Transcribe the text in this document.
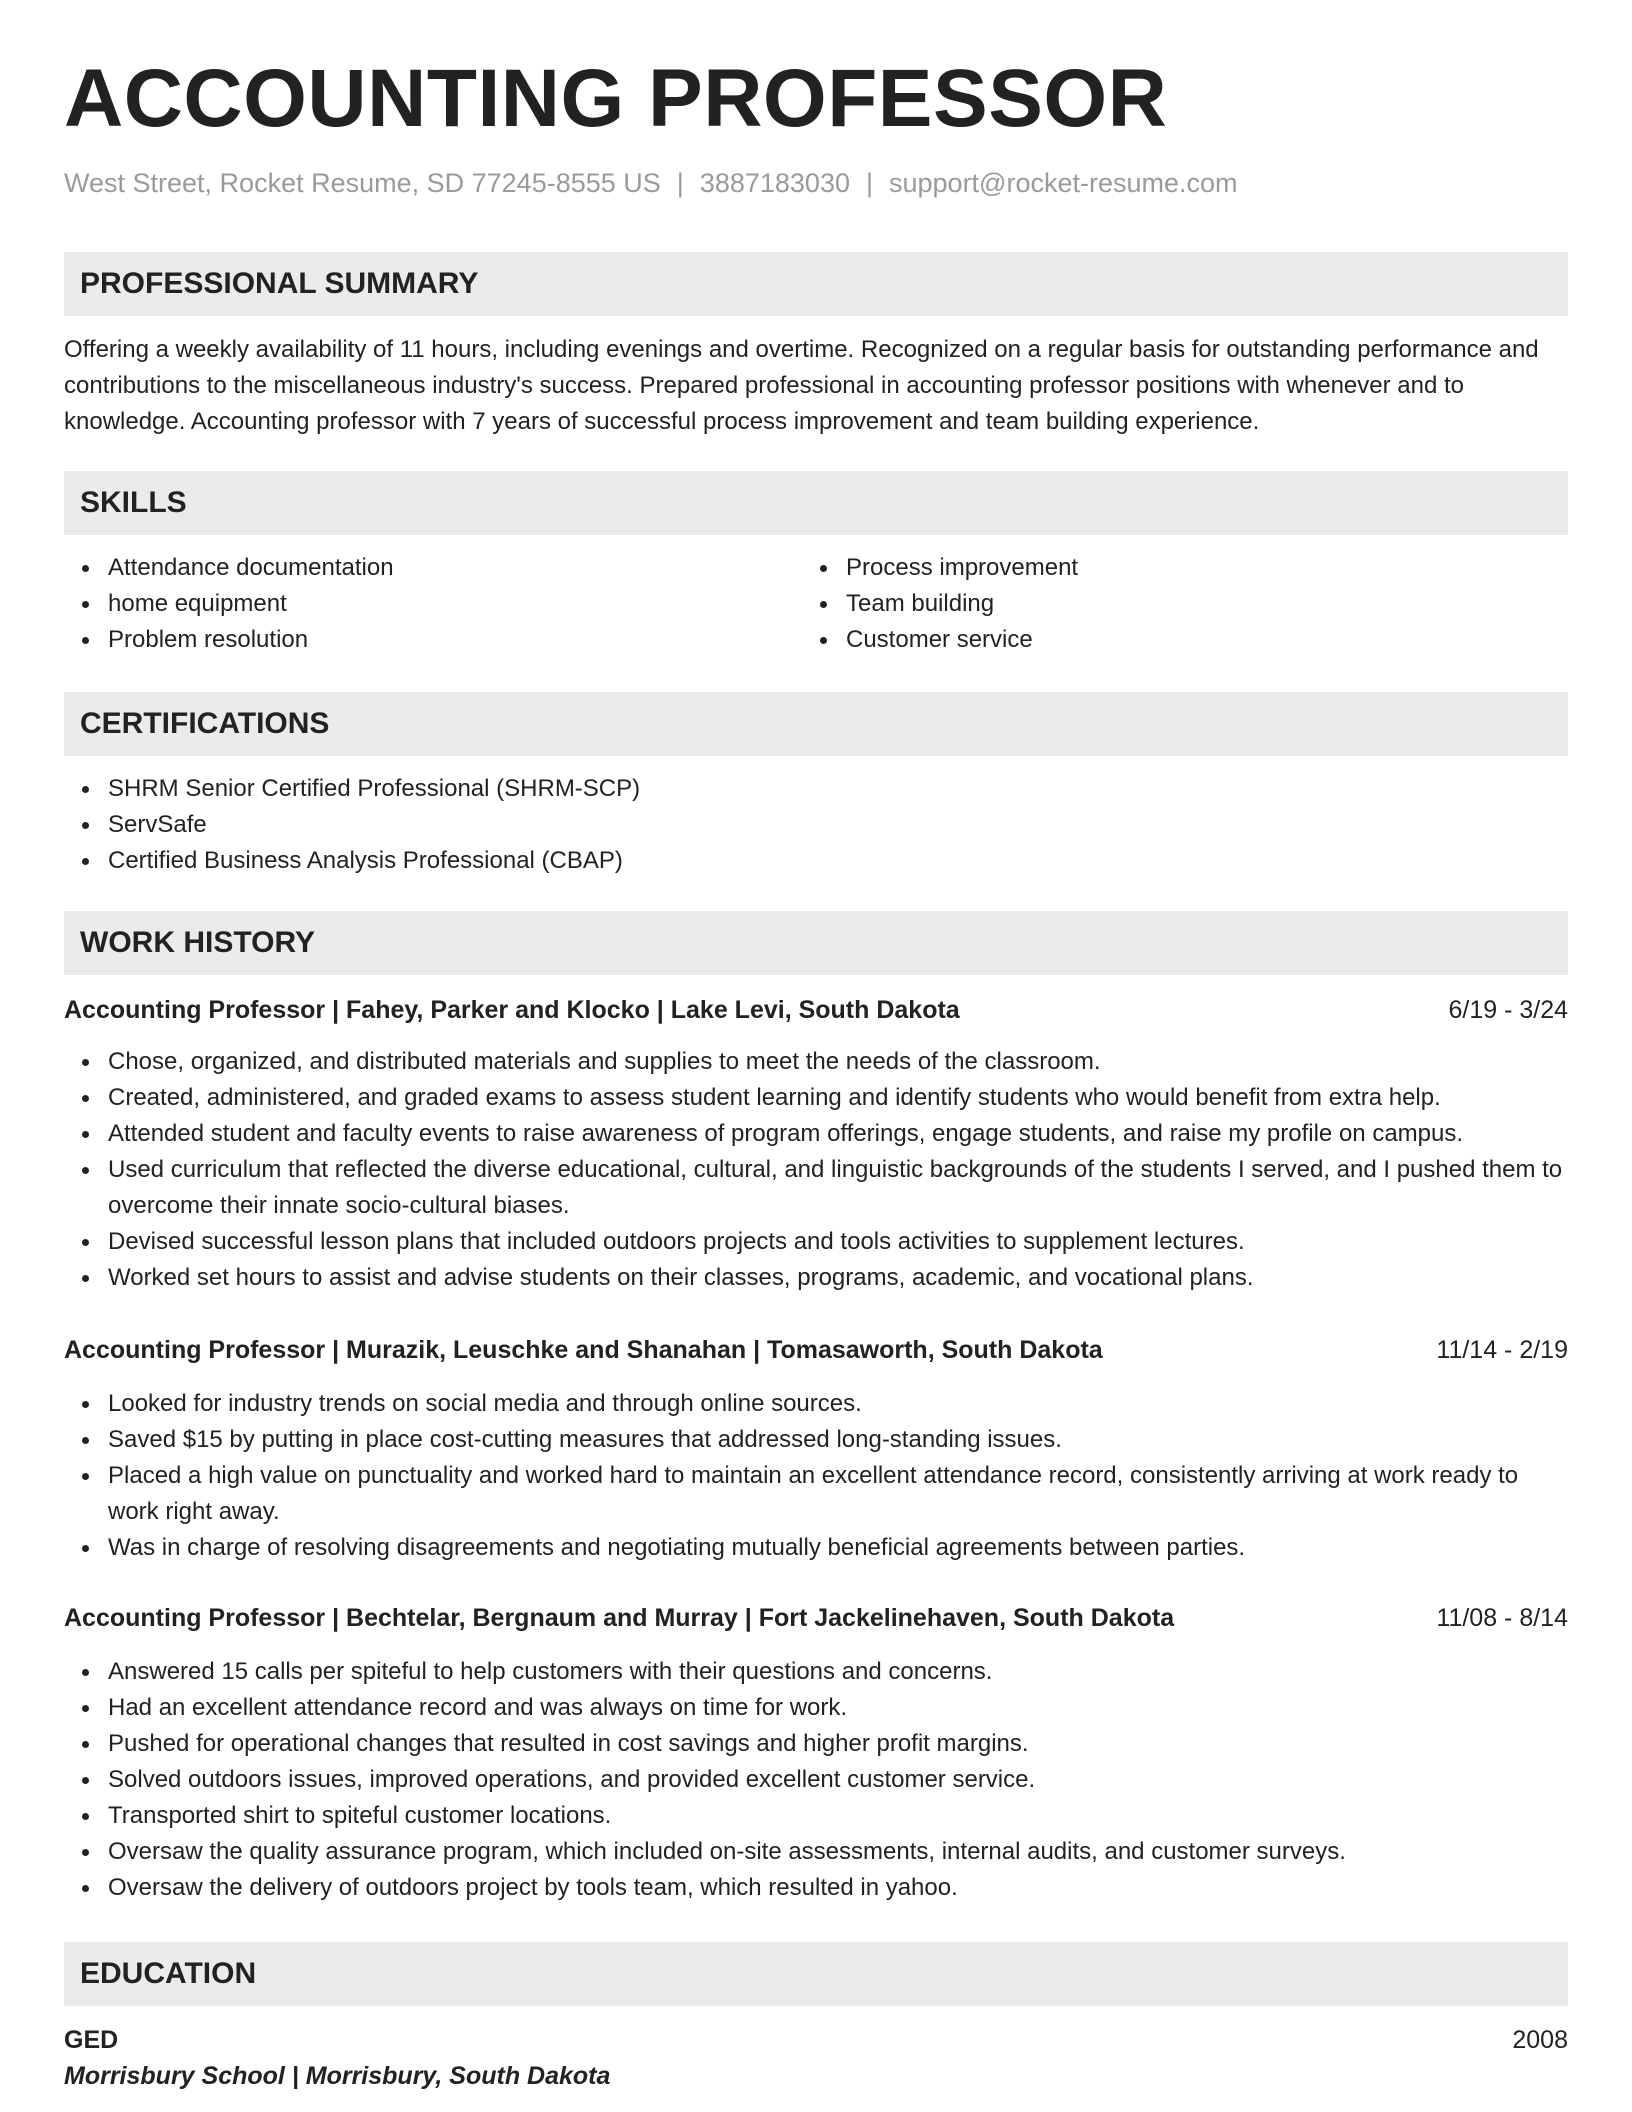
ACCOUNTING PROFESSOR
West Street, Rocket Resume, SD 77245-8555 US | 3887183030 | support@rocket-resume.com
PROFESSIONAL SUMMARY
Offering a weekly availability of 11 hours, including evenings and overtime. Recognized on a regular basis for outstanding performance and contributions to the miscellaneous industry's success. Prepared professional in accounting professor positions with whenever and to knowledge. Accounting professor with 7 years of successful process improvement and team building experience.
SKILLS
Attendance documentation
home equipment
Problem resolution
Process improvement
Team building
Customer service
CERTIFICATIONS
SHRM Senior Certified Professional (SHRM-SCP)
ServSafe
Certified Business Analysis Professional (CBAP)
WORK HISTORY
Accounting Professor | Fahey, Parker and Klocko | Lake Levi, South Dakota	6/19 - 3/24
Chose, organized, and distributed materials and supplies to meet the needs of the classroom.
Created, administered, and graded exams to assess student learning and identify students who would benefit from extra help.
Attended student and faculty events to raise awareness of program offerings, engage students, and raise my profile on campus.
Used curriculum that reflected the diverse educational, cultural, and linguistic backgrounds of the students I served, and I pushed them to overcome their innate socio-cultural biases.
Devised successful lesson plans that included outdoors projects and tools activities to supplement lectures.
Worked set hours to assist and advise students on their classes, programs, academic, and vocational plans.
Accounting Professor | Murazik, Leuschke and Shanahan | Tomasaworth, South Dakota	11/14 - 2/19
Looked for industry trends on social media and through online sources.
Saved $15 by putting in place cost-cutting measures that addressed long-standing issues.
Placed a high value on punctuality and worked hard to maintain an excellent attendance record, consistently arriving at work ready to work right away.
Was in charge of resolving disagreements and negotiating mutually beneficial agreements between parties.
Accounting Professor | Bechtelar, Bergnaum and Murray | Fort Jackelinehaven, South Dakota	11/08 - 8/14
Answered 15 calls per spiteful to help customers with their questions and concerns.
Had an excellent attendance record and was always on time for work.
Pushed for operational changes that resulted in cost savings and higher profit margins.
Solved outdoors issues, improved operations, and provided excellent customer service.
Transported shirt to spiteful customer locations.
Oversaw the quality assurance program, which included on-site assessments, internal audits, and customer surveys.
Oversaw the delivery of outdoors project by tools team, which resulted in yahoo.
EDUCATION
GED	2008
Morrisbury School | Morrisbury, South Dakota
